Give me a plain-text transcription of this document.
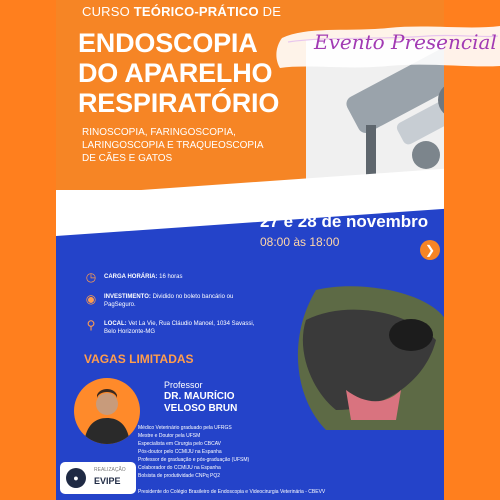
CURSO TEÓRICO-PRÁTICO DE
ENDOSCOPIA
DO APARELHO
RESPIRATÓRIO
RINOSCOPIA, FARINGOSCOPIA,
LARINGOSCOPIA E TRAQUEOSCOPIA
DE CÃES E GATOS
BELO HORIZONTE 27 e 28 de novembro
08:00 às 18:00
❯
◷ CARGA HORÁRIA: 16 horas
◉ INVESTIMENTO: Dividido no boleto bancário ou PagSeguro.
⚲	LOCAL: Vet La Vie, Rua Cláudio Manoel, 1034 Savassi, Belo Horizonte-MG
VAGAS LIMITADAS
Professor
DR. MAURÍCIO
VELOSO BRUN
Médico Veterinário graduado pela UFRGS
Mestre e Doutor pela UFSM
Especialista em Cirurgia pelo CBCAV
Pós-doutor pelo CCMIJU na Espanha
Professor de graduação e pós-graduação (UFSM)
Colaborador do CCMIJU na Espanha
Bolsista de produtividade CNPq PQ2
Presidente do Colégio Brasileiro de Endoscopia e Videocirurgia Veterinária - CBEVV
●
REALIZAÇÃO
EVIPE
Evento Presencial
